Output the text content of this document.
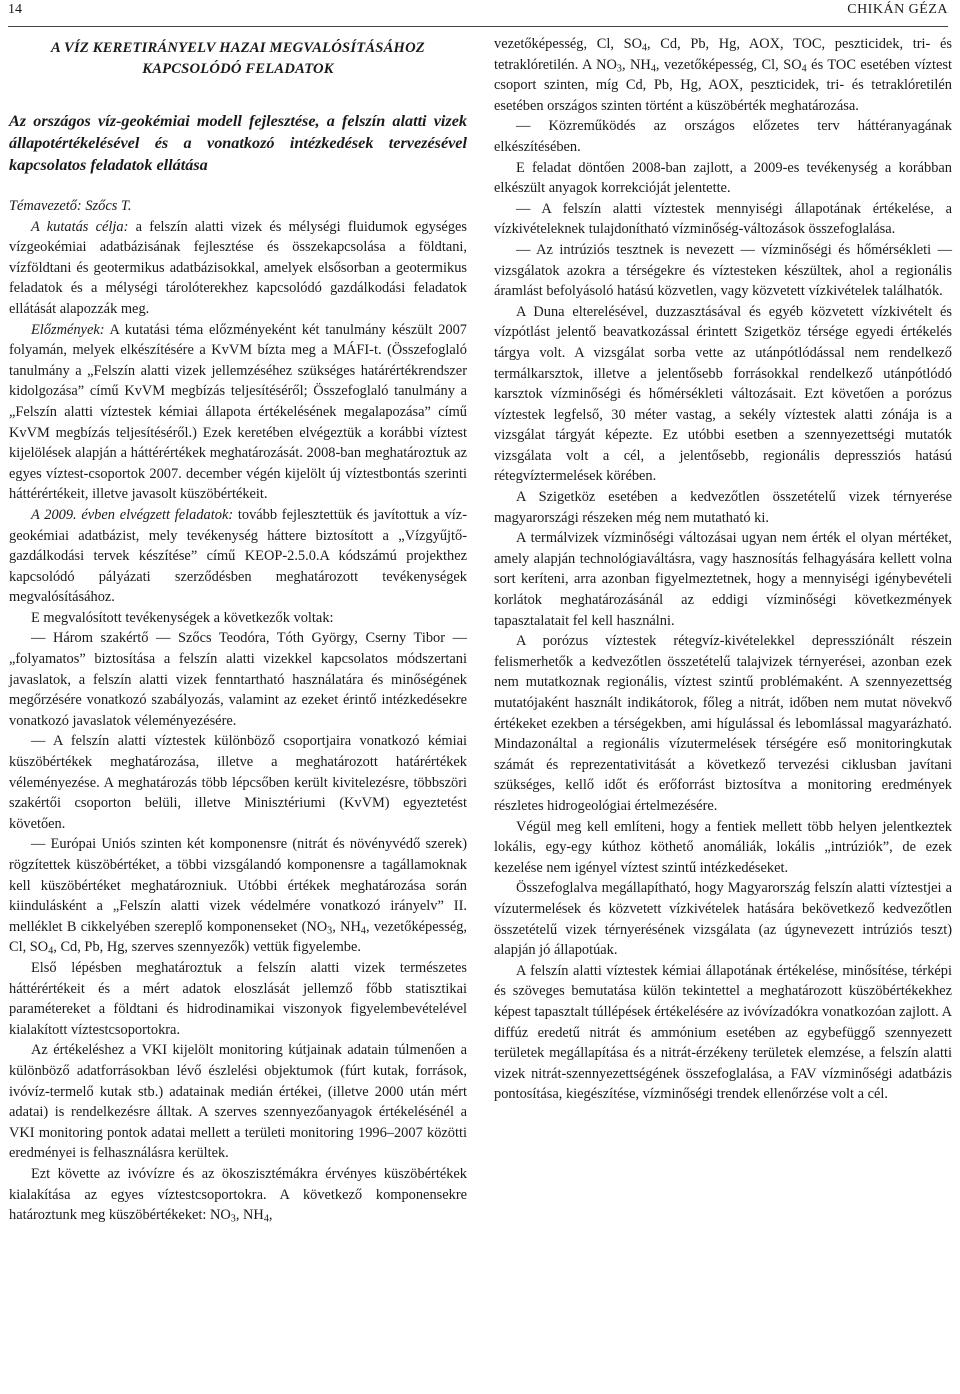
14	CHIKÁN GÉZA
A VÍZ KERETIRÁNYELV HAZAI MEGVALÓSÍTÁSÁHOZ
KAPCSOLÓDÓ FELADATOK
Az országos víz-geokémiai modell fejlesztése, a felszín alatti vizek állapotértékelésével és a vonatkozó intézkedések tervezésével kapcsolatos feladatok ellátása

Témavezető: Szőcs T.

A kutatás célja: a felszín alatti vizek és mélységi fluidumok egységes vízgeokémiai adatbázisának fejlesztése és összekapcsolása a földtani, vízföldtani és geotermikus adatbázisokkal, amelyek elsősorban a geotermikus feladatok és a mélységi tárolóterekhez kapcsolódó gazdálkodási feladatok ellátását alapozzák meg.

Előzmények: A kutatási téma előzményeként két tanulmány készült 2007 folyamán, melyek elkészítésére a KvVM bízta meg a MÁFI-t. (Összefoglaló tanulmány a „Felszín alatti vizek jellemzéséhez szükséges határértékrendszer kidolgozása” című KvVM megbízás teljesítéséről; Összefoglaló tanulmány a „Felszín alatti víztestek kémiai állapota értékelésének megalapozása” című KvVM megbízás teljesítéséről.) Ezek keretében elvégeztük a korábbi víztest kijelölések alapján a háttérértékek meghatározását. 2008-ban meghatároztuk az egyes víztest-csoportok 2007. december végén kijelölt új víztestbontás szerinti háttérértékeit, illetve javasolt küszöbértékeit.

A 2009. évben elvégzett feladatok: tovább fejlesztettük és javítottuk a víz-geokémiai adatbázist, mely tevékenység háttere biztosított a „Vízgyűjtő-gazdálkodási tervek készítése” című KEOP-2.5.0.A kódszámú projekthez kapcsolódó pályázati szerződésben meghatározott tevékenységek megvalósításához.

E megvalósított tevékenységek a következők voltak:

— Három szakértő — Szőcs Teodóra, Tóth György, Cserny Tibor — „folyamatos” biztosítása a felszín alatti vizekkel kapcsolatos módszertani javaslatok, a felszín alatti vizek fenntartható használatára és minőségének megőrzésére vonatkozó szabályozás, valamint az ezeket érintő intézkedésekre vonatkozó javaslatok véleményezésére.

— A felszín alatti víztestek különböző csoportjaira vonatkozó kémiai küszöbértékek meghatározása, illetve a meghatározott határértékek véleményezése. A meghatározás több lépcsőben került kivitelezésre, többszöri szakértői csoporton belüli, illetve Minisztériumi (KvVM) egyeztetést követően.

— Európai Uniós szinten két komponensre (nitrát és növényvédő szerek) rögzítettek küszöbértéket, a többi vizsgálandó komponensre a tagállamoknak kell küszöbértéket meghatározniuk. Utóbbi értékek meghatározása során kiindulásként a „Felszín alatti vizek védelmére vonatkozó irányelv” II. melléklet B cikkelyében szereplő komponenseket ($NO_3$, $NH_4$, vezetőképesség, Cl, $SO_4$, Cd, Pb, Hg, szerves szennyezők) vettük figyelembe.

Első lépésben meghatároztuk a felszín alatti vizek természetes háttérértékeit és a mért adatok eloszlását jellemző főbb statisztikai paramétereket a földtani és hidrodinamikai viszonyok figyelembevételével kialakított víztestcsoportokra.

Az értékeléshez a VKI kijelölt monitoring kútjainak adatain túlmenően a különböző adatforrásokban lévő észlelési objektumok (fúrt kutak, források, ivóvíz-termelő kutak stb.) adatainak medián értékei, (illetve 2000 után mért adatai) is rendelkezésre álltak. A szerves szennyezőanyagok értékelésénél a VKI monitoring pontok adatai mellett a területi monitoring 1996–2007 közötti eredményei is felhasználásra kerültek.

Ezt követte az ivóvízre és az ökoszisztémákra érvényes küszöbértékek kialakítása az egyes víztestcsoportokra. A következő komponensekre határoztunk meg küszöbértékeket: $NO_3$, $NH_4$,

vezetőképesség, Cl, $SO_4$, Cd, Pb, Hg, AOX, TOC, peszticidek, tri- és tetraklóretilén. A $NO_3$, $NH_4$, vezetőképesség, Cl, $SO_4$ és TOC esetében víztest csoport szinten, míg Cd, Pb, Hg, AOX, peszticidek, tri- és tetraklóretilén esetében országos szinten történt a küszöbérték meghatározása.

— Közreműködés az országos előzetes terv háttéranyagának elkészítésében.

E feladat döntően 2008-ban zajlott, a 2009-es tevékenység a korábban elkészült anyagok korrekcióját jelentette.

— A felszín alatti víztestek mennyiségi állapotának értékelése, a vízkivételeknek tulajdonítható vízminőség-változások összefoglalása.

— Az intrúziós tesztnek is nevezett — vízminőségi és hőmérsékleti — vizsgálatok azokra a térségekre és víztesteken készültek, ahol a regionális áramlást befolyásoló hatású közvetlen, vagy közvetett vízkivételek találhatók.

A Duna elterelésével, duzzasztásával és egyéb közvetett vízkivételt és vízpótlást jelentő beavatkozással érintett Szigetköz térsége egyedi értékelés tárgya volt. A vizsgálat sorba vette az utánpótlódással nem rendelkező termálkarsztok, illetve a jelentősebb forrásokkal rendelkező utánpótlódó karsztok vízminőségi és hőmérsékleti változásait. Ezt követően a porózus víztestek legfelső, 30 méter vastag, a sekély víztestek alatti zónája is a vizsgálat tárgyát képezte. Ez utóbbi esetben a szennyezettségi mutatók vizsgálata volt a cél, a jelentősebb, regionális depressziós hatású rétegvíztermelések körében.

A Szigetköz esetében a kedvezőtlen összetételű vizek térnyerése magyarországi részeken még nem mutatható ki.

A termálvizek vízminőségi változásai ugyan nem érték el olyan mértéket, amely alapján technológiaváltásra, vagy hasznosítás felhagyására kellett volna sort keríteni, arra azonban figyelmeztetnek, hogy a mennyiségi igénybevételi korlátok meghatározásánál az eddigi vízminőségi következmények tapasztalatait fel kell használni.

A porózus víztestek rétegvíz-kivételekkel depressziónált részein felismerhetők a kedvezőtlen összetételű talajvizek térnyerései, azonban ezek nem mutatkoznak regionális, víztest szintű problémaként. A szennyezettség mutatójaként használt indikátorok, főleg a nitrát, időben nem mutat növekvő értékeket ezekben a térségekben, ami hígulással és lebomlással magyarázható. Mindazonáltal a regionális vízutermelések térségére eső monitoringkutak számát és reprezentativitását a következő tervezési ciklusban javítani szükséges, kellő időt és erőforrást biztosítva a monitoring eredmények részletes hidrogeológiai értelmezésére.

Végül meg kell említeni, hogy a fentiek mellett több helyen jelentkeztek lokális, egy-egy kúthoz köthető anomáliák, lokális „intrúziók”, de ezek kezelése nem igényel víztest szintű intézkedéseket.

Összefoglalva megállapítható, hogy Magyarország felszín alatti víztestjei a vízutermelések és közvetett vízkivételek hatására bekövetkező kedvezőtlen összetételű vizek térnyerésének vizsgálata (az úgynevezett intrúziós teszt) alapján jó állapotúak.

A felszín alatti víztestek kémiai állapotának értékelése, minősítése, térképi és szöveges bemutatása külön tekintettel a meghatározott küszöbértékekhez képest tapasztalt túllépések értékelésére az ivóvízadókra vonatkozóan zajlott. A diffúz eredetű nitrát és ammónium esetében az egybefüggő szennyezett területek megállapítása és a nitrát-érzékeny területek elemzése, a felszín alatti vizek nitrát-szennyezettségének összefoglalása, a FAV vízminőségi adatbázis pontosítása, kiegészítése, vízminőségi trendek ellenőrzése volt a cél.
